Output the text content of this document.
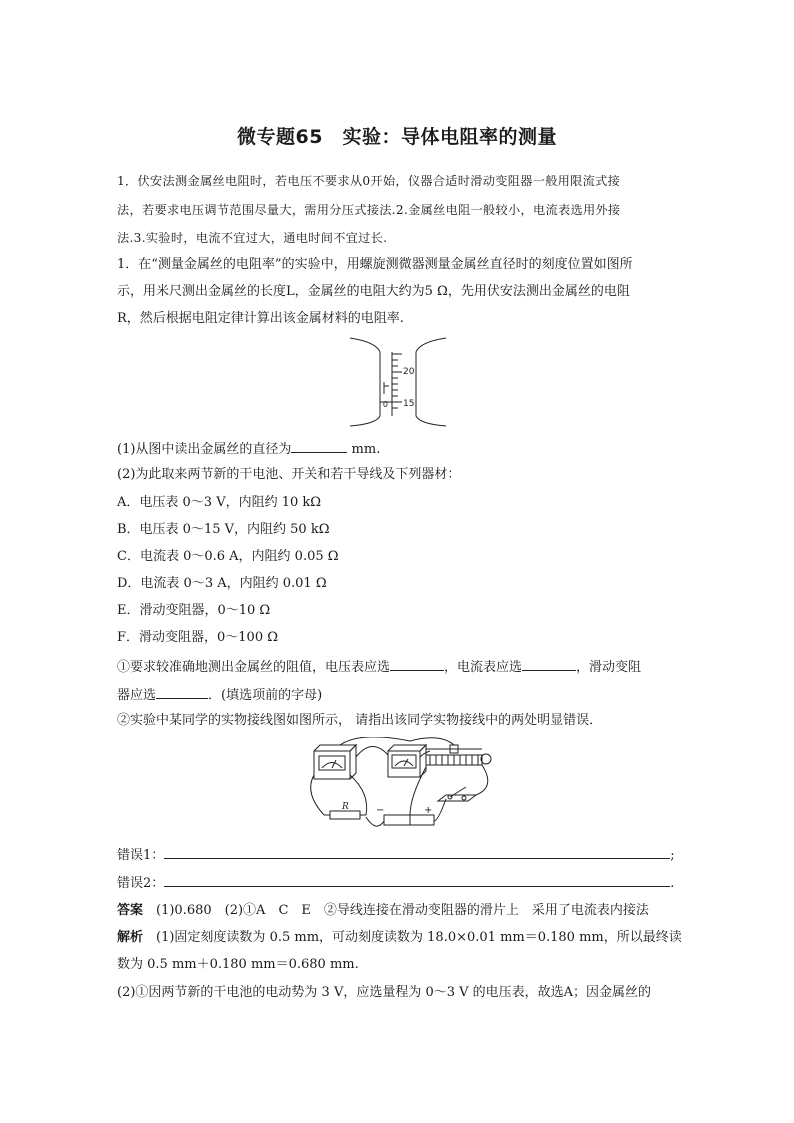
微专题65　实验：导体电阻率的测量
1．伏安法测金属丝电阻时，若电压不要求从0开始，仪器合适时滑动变阻器一般用限流式接
法，若要求电压调节范围尽量大，需用分压式接法.2.金属丝电阻一般较小，电流表选用外接
法.3.实验时，电流不宜过大，通电时间不宜过长.
1．在“测量金属丝的电阻率”的实验中，用螺旋测微器测量金属丝直径时的刻度位置如图所
示，用米尺测出金属丝的长度L，金属丝的电阻大约为5 Ω，先用伏安法测出金属丝的电阻
R，然后根据电阻定律计算出该金属材料的电阻率.
20
15
0
(1)从图中读出金属丝的直径为	mm.
(2)为此取来两节新的干电池、开关和若干导线及下列器材：
A．电压表 0～3 V，内阻约 10 kΩ
B．电压表 0～15 V，内阻约 50 kΩ
C．电流表 0～0.6 A，内阻约 0.05 Ω
D．电流表 0～3 A，内阻约 0.01 Ω
E．滑动变阻器，0～10 Ω
F．滑动变阻器，0～100 Ω
①要求较准确地测出金属丝的阻值，电压表应选	，电流表应选	，滑动变阻
器应选	．(填选项前的字母)
②实验中某同学的实物接线图如图所示， 请指出该同学实物接线中的两处明显错误．
R	−	+
错误1：	;
错误2：	.
答案　(1)0.680　(2)①A　C　E　②导线连接在滑动变阻器的滑片上　采用了电流表内接法
解析　(1)固定刻度读数为 0.5 mm，可动刻度读数为 18.0×0.01 mm＝0.180 mm，所以最终读
数为 0.5 mm＋0.180 mm＝0.680 mm.
(2)①因两节新的干电池的电动势为 3 V，应选量程为 0～3 V 的电压表，故选A；因金属丝的
